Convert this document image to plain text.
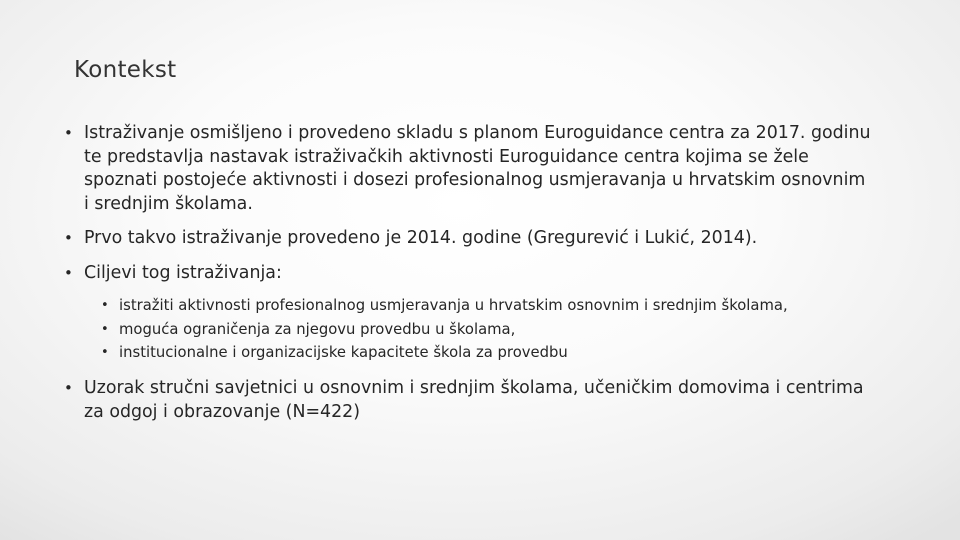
Kontekst
• Istraživanje osmišljeno i provedeno skladu s planom Euroguidance centra za 2017. godinu te predstavlja nastavak istraživačkih aktivnosti Euroguidance centra kojima se žele spoznati postojeće aktivnosti i dosezi profesionalnog usmjeravanja u hrvatskim osnovnim i srednjim školama.
• Prvo takvo istraživanje provedeno je 2014. godine (Gregurević i Lukić, 2014).
• Ciljevi tog istraživanja:
• istražiti aktivnosti profesionalnog usmjeravanja u hrvatskim osnovnim i srednjim školama,
• moguća ograničenja za njegovu provedbu u školama,
• institucionalne i organizacijske kapacitete škola za provedbu
• Uzorak stručni savjetnici u osnovnim i srednjim školama, učeničkim domovima i centrima za odgoj i obrazovanje (N=422)
